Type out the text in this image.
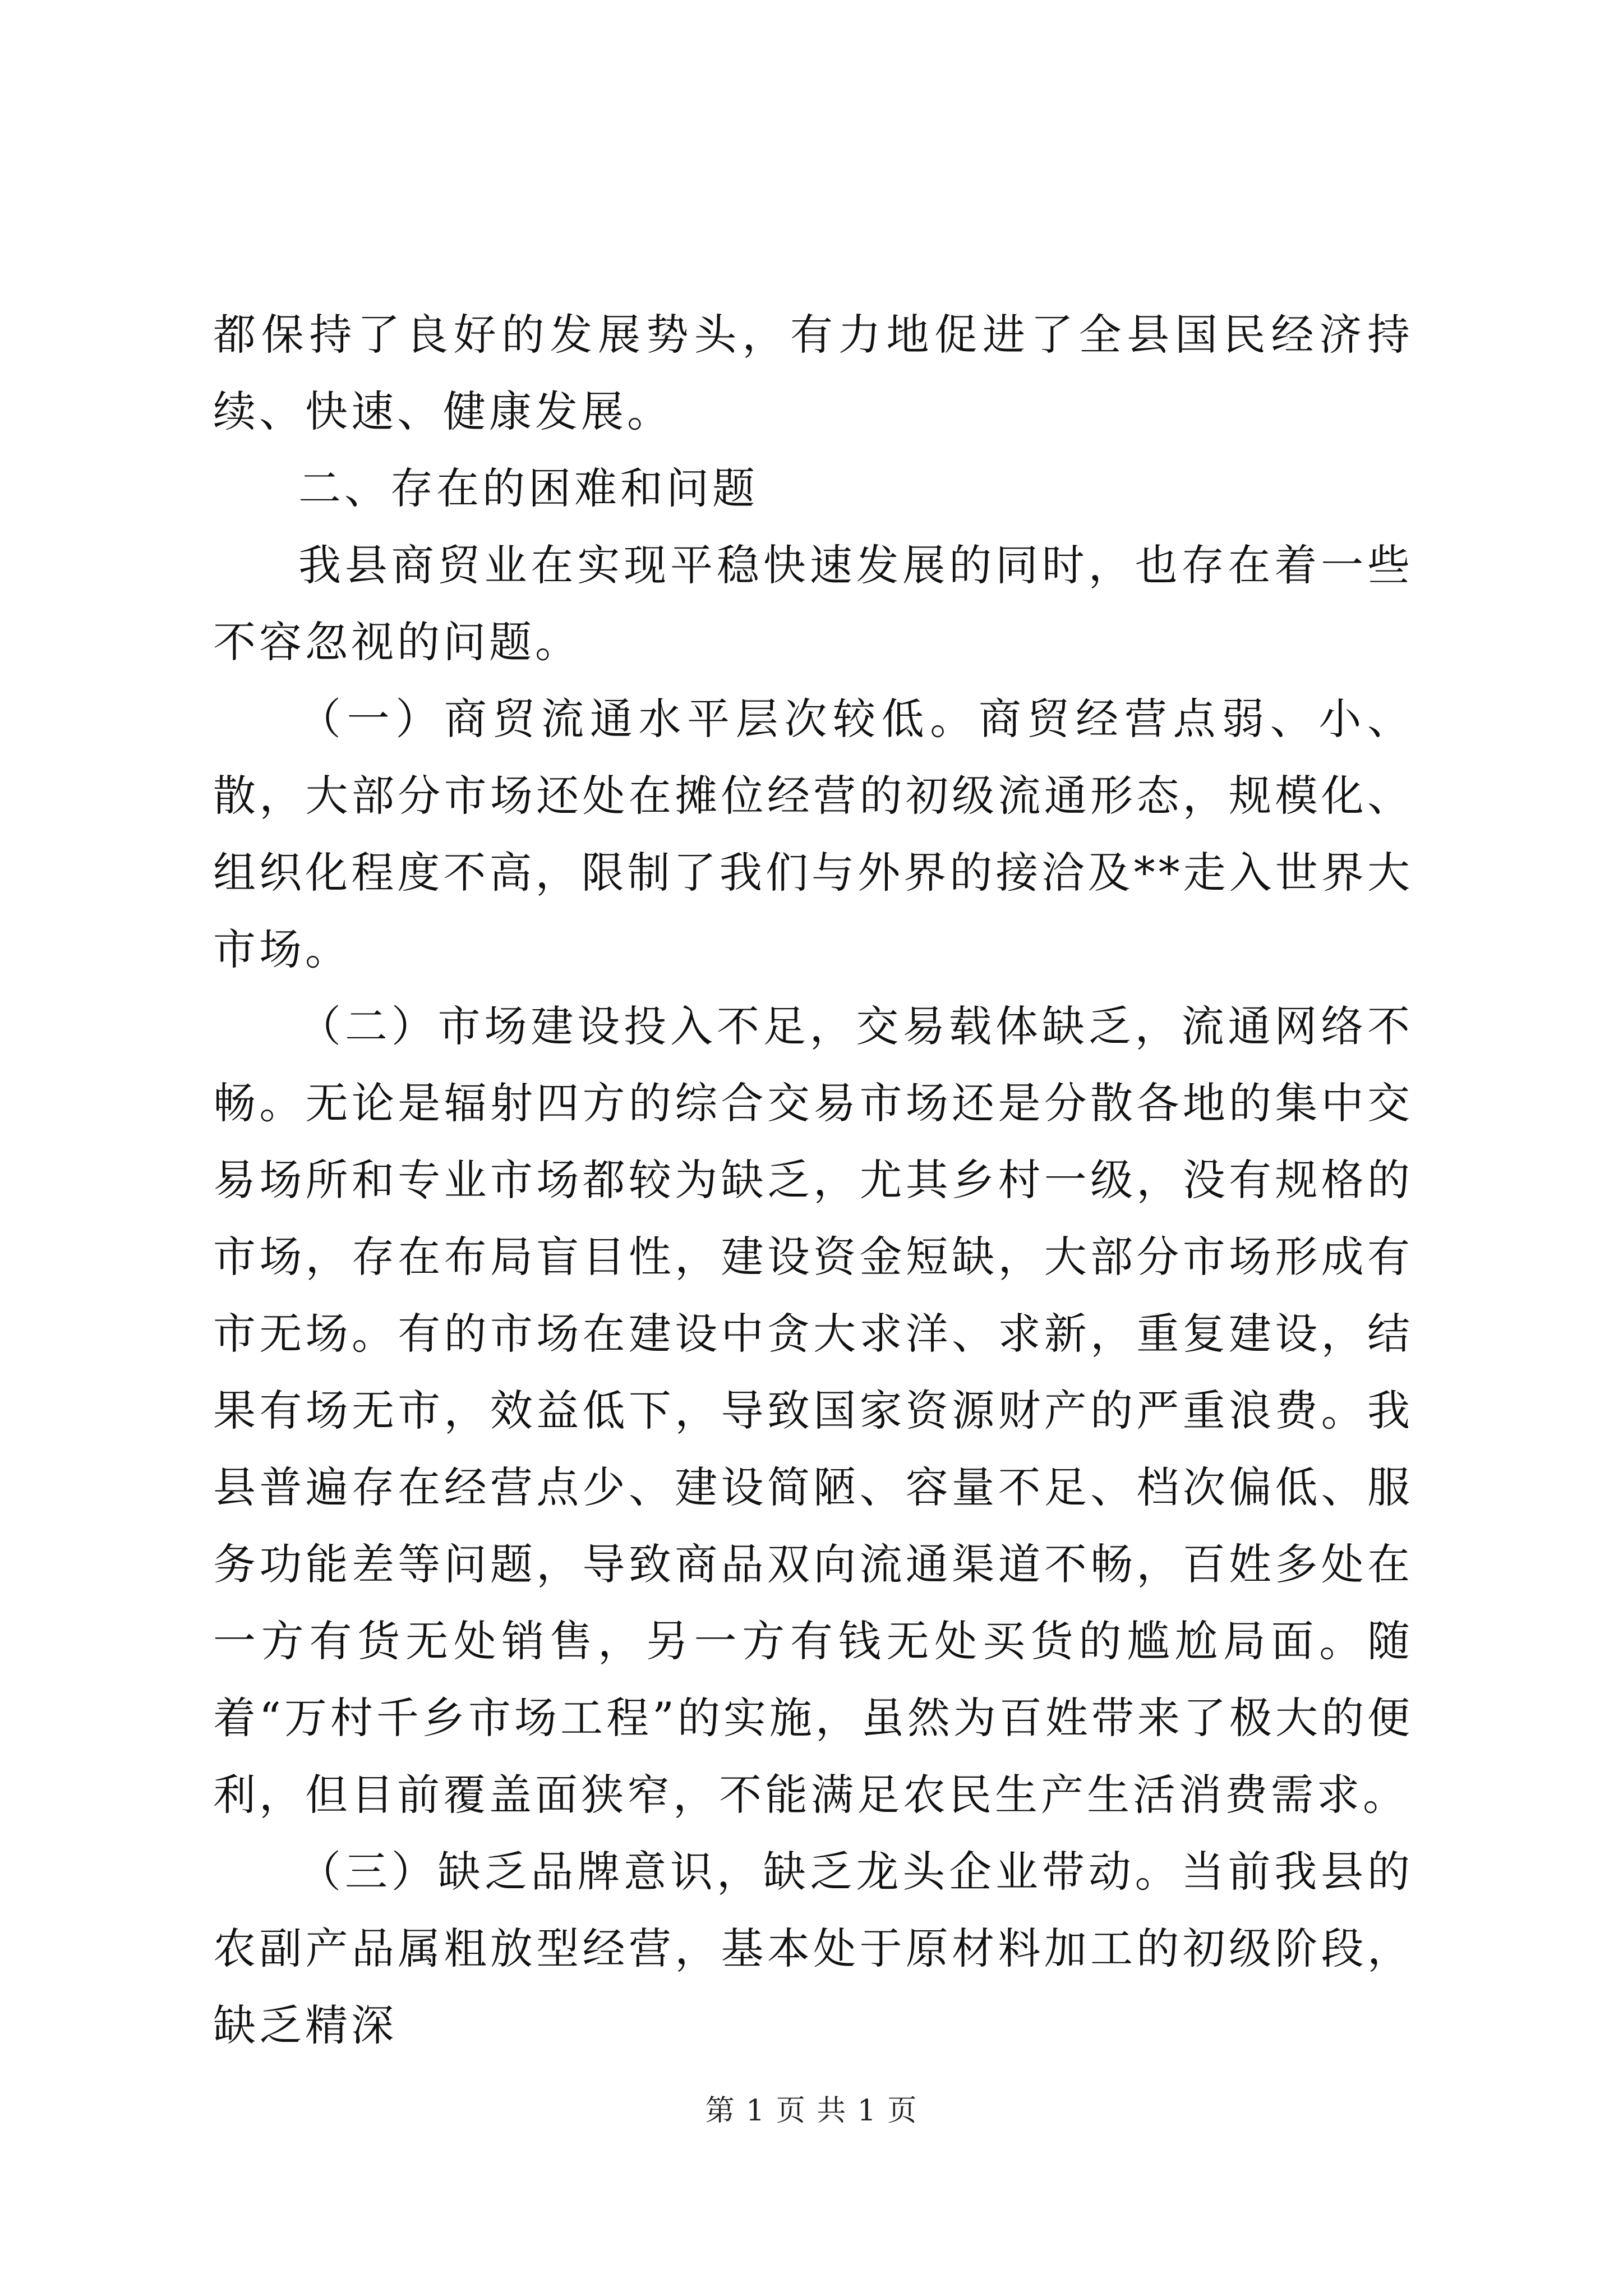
都保持了良好的发展势头，有力地促进了全县国民经济持续、快速、健康发展。

二、存在的困难和问题

我县商贸业在实现平稳快速发展的同时，也存在着一些不容忽视的问题。

（一）商贸流通水平层次较低。商贸经营点弱、小、散，大部分市场还处在摊位经营的初级流通形态，规模化、组织化程度不高，限制了我们与外界的接洽及**走入世界大市场。

（二）市场建设投入不足，交易载体缺乏，流通网络不畅。无论是辐射四方的综合交易市场还是分散各地的集中交易场所和专业市场都较为缺乏，尤其乡村一级，没有规格的市场，存在布局盲目性，建设资金短缺，大部分市场形成有市无场。有的市场在建设中贪大求洋、求新，重复建设，结果有场无市，效益低下，导致国家资源财产的严重浪费。我县普遍存在经营点少、建设简陋、容量不足、档次偏低、服务功能差等问题，导致商品双向流通渠道不畅，百姓多处在一方有货无处销售，另一方有钱无处买货的尴尬局面。随着“万村千乡市场工程”的实施，虽然为百姓带来了极大的便利，但目前覆盖面狭窄，不能满足农民生产生活消费需求。

（三）缺乏品牌意识，缺乏龙头企业带动。当前我县的农副产品属粗放型经营，基本处于原材料加工的初级阶段，缺乏精深

第 1 页 共 1 页
